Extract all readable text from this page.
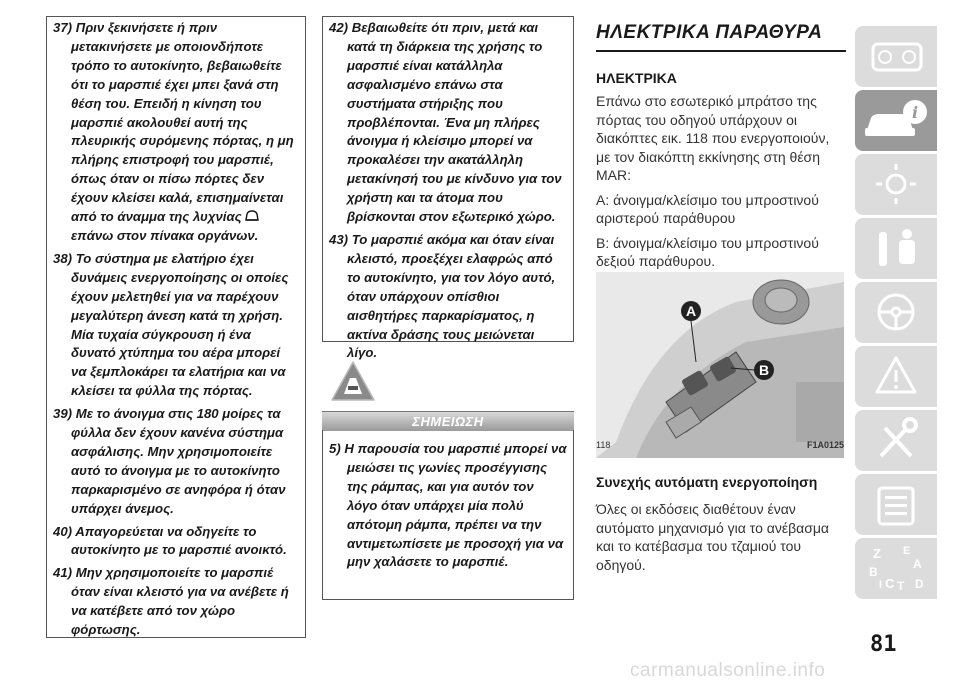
37) Πριν ξεκινήσετε ή πριν μετακινήσετε με οποιονδήποτε τρόπο το αυτοκίνητο, βεβαιωθείτε ότι το μαρσπιέ έχει μπει ξανά στη θέση του. Επειδή η κίνηση του μαρσπιέ ακολουθεί αυτή της πλευρικής συρόμενης πόρτας, η μη πλήρης επιστροφή του μαρσπιέ, όπως όταν οι πίσω πόρτες δεν έχουν κλείσει καλά, επισημαίνεται από το άναμμα της λυχνίας επάνω στον πίνακα οργάνων.

38) Το σύστημα με ελατήριο έχει δυνάμεις ενεργοποίησης οι οποίες έχουν μελετηθεί για να παρέχουν μεγαλύτερη άνεση κατά τη χρήση. Μία τυχαία σύγκρουση ή ένα δυνατό χτύπημα του αέρα μπορεί να ξεμπλοκάρει τα ελατήρια και να κλείσει τα φύλλα της πόρτας.

39) Με το άνοιγμα στις 180 μοίρες τα φύλλα δεν έχουν κανένα σύστημα ασφάλισης. Μην χρησιμοποιείτε αυτό το άνοιγμα με το αυτοκίνητο παρκαρισμένο σε ανηφόρα ή όταν υπάρχει άνεμος.

40) Απαγορεύεται να οδηγείτε το αυτοκίνητο με το μαρσπιέ ανοικτό.

41) Μην χρησιμοποιείτε το μαρσπιέ όταν είναι κλειστό για να ανέβετε ή να κατέβετε από τον χώρο φόρτωσης.

42) Βεβαιωθείτε ότι πριν, μετά και κατά τη διάρκεια της χρήσης το μαρσπιέ είναι κατάλληλα ασφαλισμένο επάνω στα συστήματα στήριξης που προβλέπονται. Ένα μη πλήρες άνοιγμα ή κλείσιμο μπορεί να προκαλέσει την ακατάλληλη μετακίνησή του με κίνδυνο για τον χρήστη και τα άτομα που βρίσκονται στον εξωτερικό χώρο.

43) Το μαρσπιέ ακόμα και όταν είναι κλειστό, προεξέχει ελαφρώς από το αυτοκίνητο, για τον λόγο αυτό, όταν υπάρχουν οπίσθιοι αισθητήρες παρκαρίσματος, η ακτίνα δράσης τους μειώνεται λίγο.

ΣΗΜΕΙΩΣΗ

5) Η παρουσία του μαρσπιέ μπορεί να μειώσει τις γωνίες προσέγγισης της ράμπας, και για αυτόν τον λόγο όταν υπάρχει μία πολύ απότομη ράμπα, πρέπει να την αντιμετωπίσετε με προσοχή για να μην χαλάσετε το μαρσπιέ.

ΗΛΕΚΤΡΙΚΑ ΠΑΡΑΘΥΡΑ
ΗΛΕΚΤΡΙΚΑ

Επάνω στο εσωτερικό μπράτσο της πόρτας του οδηγού υπάρχουν οι διακόπτες εικ. 118 που ενεργοποιούν, με τον διακόπτη εκκίνησης στη θέση MAR:

A: άνοιγμα/κλείσιμο του μπροστινού αριστερού παράθυρου

B: άνοιγμα/κλείσιμο του μπροστινού δεξιού παράθυρου.

A
B
118	F1A0125
Συνεχής αυτόματη ενεργοποίηση

Όλες οι εκδόσεις διαθέτουν έναν αυτόματο μηχανισμό για το ανέβασμα και το κατέβασμα του τζαμιού του οδηγού.

i
Z E
A
B
C T D
I
81
carmanualsonline.info
